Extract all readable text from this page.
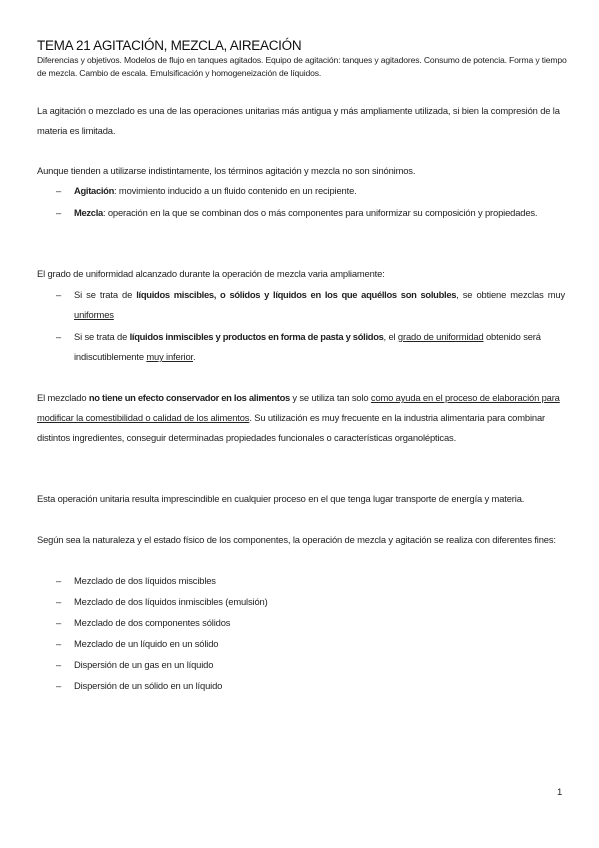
TEMA 21 AGITACIÓN, MEZCLA, AIREACIÓN
Diferencias y objetivos. Modelos de flujo en tanques agitados. Equipo de agitación: tanques y agitadores. Consumo de potencia. Forma y tiempo de mezcla. Cambio de escala. Emulsificación y homogeneización de líquidos.
La agitación o mezclado es una de las operaciones unitarias más antigua y más ampliamente utilizada, si bien la compresión de la materia es limitada.
Aunque tienden a utilizarse indistintamente, los términos agitación y mezcla no son sinónimos.
– Agitación: movimiento inducido a un fluido contenido en un recipiente.
– Mezcla: operación en la que se combinan dos o más componentes para uniformizar su composición y propiedades.
El grado de uniformidad alcanzado durante la operación de mezcla varia ampliamente:
– Si se trata de líquidos miscibles, o sólidos y líquidos en los que aquéllos son solubles, se obtiene mezclas muy uniformes
– Si se trata de líquidos inmiscibles y productos en forma de pasta y sólidos, el grado de uniformidad obtenido será indiscutiblemente muy inferior.
El mezclado no tiene un efecto conservador en los alimentos y se utiliza tan solo como ayuda en el proceso de elaboración para modificar la comestibilidad o calidad de los alimentos. Su utilización es muy frecuente en la industria alimentaria para combinar distintos ingredientes, conseguir determinadas propiedades funcionales o características organolépticas.
Esta operación unitaria resulta imprescindible en cualquier proceso en el que tenga lugar transporte de energía y materia.
Según sea la naturaleza y el estado físico de los componentes, la operación de mezcla y agitación se realiza con diferentes fines:
– Mezclado de dos líquidos miscibles
– Mezclado de dos líquidos inmiscibles (emulsión)
– Mezclado de dos componentes sólidos
– Mezclado de un líquido en un sólido
– Dispersión de un gas en un líquido
– Dispersión de un sólido en un líquido
1
